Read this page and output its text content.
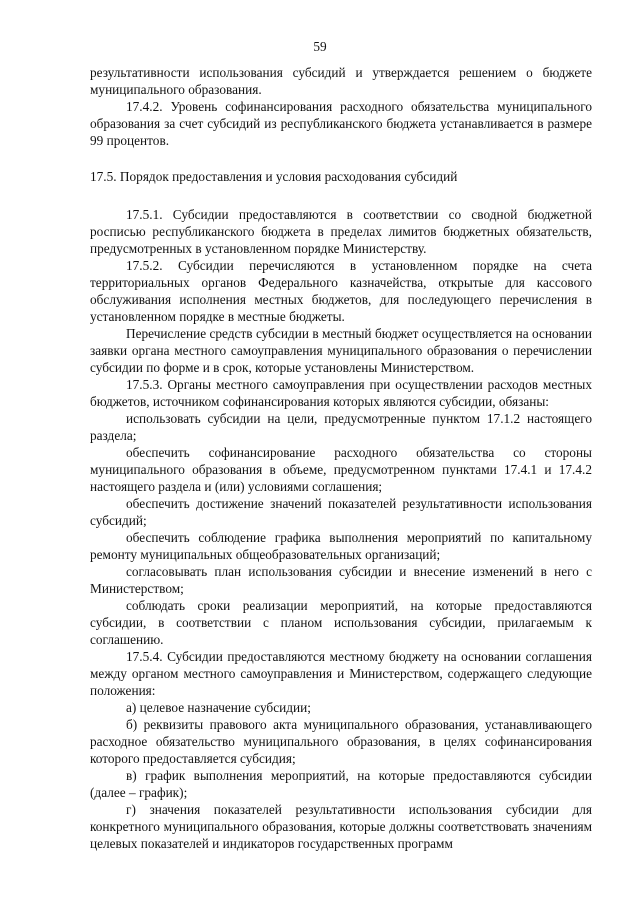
59

результативности использования субсидий и утверждается решением о бюджете муниципального образования.

17.4.2. Уровень софинансирования расходного обязательства муниципального образования за счет субсидий из республиканского бюджета устанавливается в размере 99 процентов.

17.5. Порядок предоставления и условия расходования субсидий

17.5.1. Субсидии предоставляются в соответствии со сводной бюджетной росписью республиканского бюджета в пределах лимитов бюджетных обязательств, предусмотренных в установленном порядке Министерству.

17.5.2. Субсидии перечисляются в установленном порядке на счета территориальных органов Федерального казначейства, открытые для кассового обслуживания исполнения местных бюджетов, для последующего перечисления в установленном порядке в местные бюджеты.

Перечисление средств субсидии в местный бюджет осуществляется на основании заявки органа местного самоуправления муниципального образования о перечислении субсидии по форме и в срок, которые установлены Министерством.

17.5.3. Органы местного самоуправления при осуществлении расходов местных бюджетов, источником софинансирования которых являются субсидии, обязаны:

использовать субсидии на цели, предусмотренные пунктом 17.1.2 настоящего раздела;

обеспечить софинансирование расходного обязательства со стороны муниципального образования в объеме, предусмотренном пунктами 17.4.1 и 17.4.2 настоящего раздела и (или) условиями соглашения;

обеспечить достижение значений показателей результативности использования субсидий;

обеспечить соблюдение графика выполнения мероприятий по капитальному ремонту муниципальных общеобразовательных организаций;

согласовывать план использования субсидии и внесение изменений в него с Министерством;

соблюдать сроки реализации мероприятий, на которые предоставляются субсидии, в соответствии с планом использования субсидии, прилагаемым к соглашению.

17.5.4. Субсидии предоставляются местному бюджету на основании соглашения между органом местного самоуправления и Министерством, содержащего следующие положения:

а) целевое назначение субсидии;

б) реквизиты правового акта муниципального образования, устанавливающего расходное обязательство муниципального образования, в целях софинансирования которого предоставляется субсидия;

в) график выполнения мероприятий, на которые предоставляются субсидии (далее – график);

г) значения показателей результативности использования субсидии для конкретного муниципального образования, которые должны соответствовать значениям целевых показателей и индикаторов государственных программ
